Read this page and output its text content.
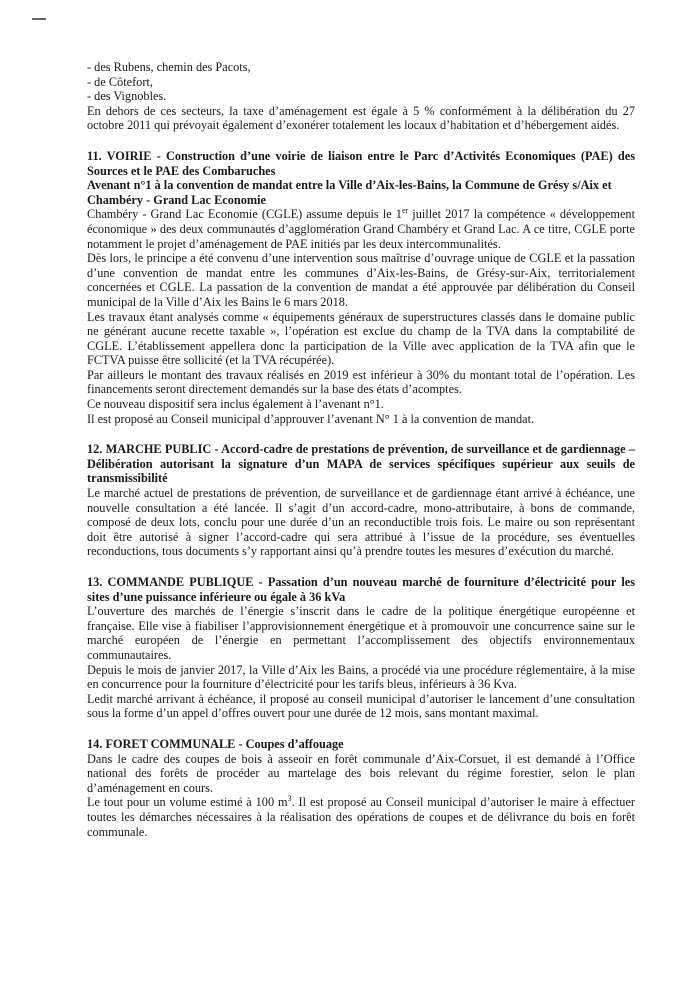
- des Rubens, chemin des Pacots,

- de Côtefort,

- des Vignobles.

En dehors de ces secteurs, la taxe d’aménagement est égale à 5 % conformément à la délibération du 27 octobre 2011 qui prévoyait également d’exonérer totalement les locaux d’habitation et d’hébergement aidés.

11. VOIRIE - Construction d’une voirie de liaison entre le Parc d’Activités Economiques (PAE) des Sources et le PAE des Combaruches

Avenant n°1 à la convention de mandat entre la Ville d’Aix-les-Bains, la Commune de Grésy s/Aix et Chambéry - Grand Lac Economie

Chambéry - Grand Lac Economie (CGLE) assume depuis le 1er juillet 2017 la compétence « développement économique » des deux communautés d’agglomération Grand Chambéry et Grand Lac. A ce titre, CGLE porte notamment le projet d’aménagement de PAE initiés par les deux intercommunalités.

Dès lors, le principe a été convenu d’une intervention sous maîtrise d’ouvrage unique de CGLE et la passation d’une convention de mandat entre les communes d’Aix-les-Bains, de Grésy-sur-Aix, territorialement concernées et CGLE. La passation de la convention de mandat a été approuvée par délibération du Conseil municipal de la Ville d’Aix les Bains le 6 mars 2018.

Les travaux étant analysés comme « équipements généraux de superstructures classés dans le domaine public ne générant aucune recette taxable », l’opération est exclue du champ de la TVA dans la comptabilité de CGLE. L’établissement appellera donc la participation de la Ville avec application de la TVA afin que le FCTVA puisse être sollicité (et la TVA récupérée).

Par ailleurs le montant des travaux réalisés en 2019 est inférieur à 30% du montant total de l’opération. Les financements seront directement demandés sur la base des états d’acomptes.

Ce nouveau dispositif sera inclus également à l’avenant n°1.

Il est proposé au Conseil municipal d’approuver l’avenant N° 1 à la convention de mandat.

12. MARCHE PUBLIC - Accord-cadre de prestations de prévention, de surveillance et de gardiennage – Délibération autorisant la signature d’un MAPA de services spécifiques supérieur aux seuils de transmissibilité

Le marché actuel de prestations de prévention, de surveillance et de gardiennage étant arrivé à échéance, une nouvelle consultation a été lancée. Il s’agit d’un accord-cadre, mono-attributaire, à bons de commande, composé de deux lots, conclu pour une durée d’un an reconductible trois fois. Le maire ou son représentant doit être autorisé à signer l’accord-cadre qui sera attribué à l’issue de la procédure, ses éventuelles reconductions, tous documents s’y rapportant ainsi qu’à prendre toutes les mesures d’exécution du marché.

13. COMMANDE PUBLIQUE - Passation d’un nouveau marché de fourniture d’électricité pour les sites d’une puissance inférieure ou égale à 36 kVa

L’ouverture des marchés de l’énergie s’inscrit dans le cadre de la politique énergétique européenne et française. Elle vise à fiabiliser l’approvisionnement énergétique et à promouvoir une concurrence saine sur le marché européen de l’énergie en permettant l’accomplissement des objectifs environnementaux communautaires.

Depuis le mois de janvier 2017, la Ville d’Aix les Bains, a procédé via une procédure réglementaire, à la mise en concurrence pour la fourniture d’électricité pour les tarifs bleus, inférieurs à 36 Kva.

Ledit marché arrivant à échéance, il proposé au conseil municipal d’autoriser le lancement d’une consultation sous la forme d’un appel d’offres ouvert pour une durée de 12 mois, sans montant maximal.

14. FORET COMMUNALE - Coupes d’affouage

Dans le cadre des coupes de bois à asseoir en forêt communale d’Aix-Corsuet, il est demandé à l’Office national des forêts de procéder au martelage des bois relevant du régime forestier, selon le plan d’aménagement en cours.

Le tout pour un volume estimé à 100 $m^3$. Il est proposé au Conseil municipal d’autoriser le maire à effectuer toutes les démarches nécessaires à la réalisation des opérations de coupes et de délivrance du bois en forêt communale.
